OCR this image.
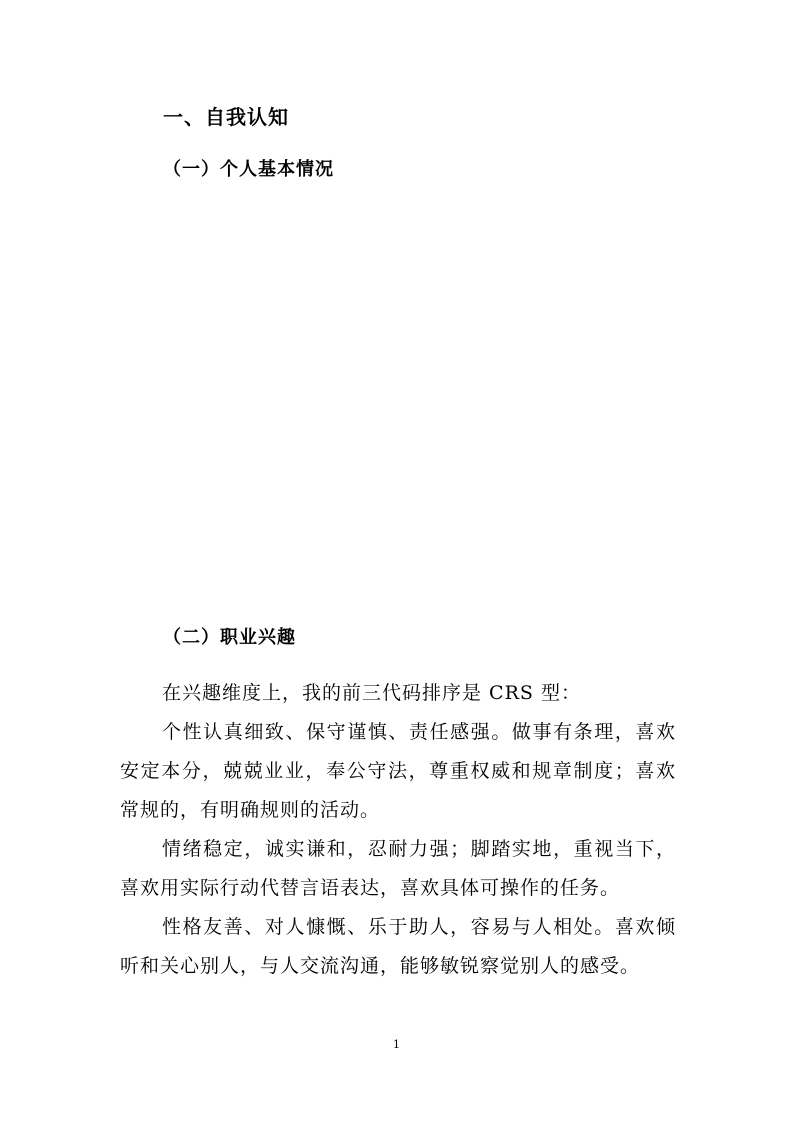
一、自我认知
（一）个人基本情况
（二）职业兴趣

在兴趣维度上，我的前三代码排序是 CRS 型：

个性认真细致、保守谨慎、责任感强。做事有条理，喜欢安定本分，兢兢业业，奉公守法，尊重权威和规章制度；喜欢常规的，有明确规则的活动。

情绪稳定，诚实谦和，忍耐力强；脚踏实地，重视当下，喜欢用实际行动代替言语表达，喜欢具体可操作的任务。

性格友善、对人慷慨、乐于助人，容易与人相处。喜欢倾听和关心别人，与人交流沟通，能够敏锐察觉别人的感受。

1
